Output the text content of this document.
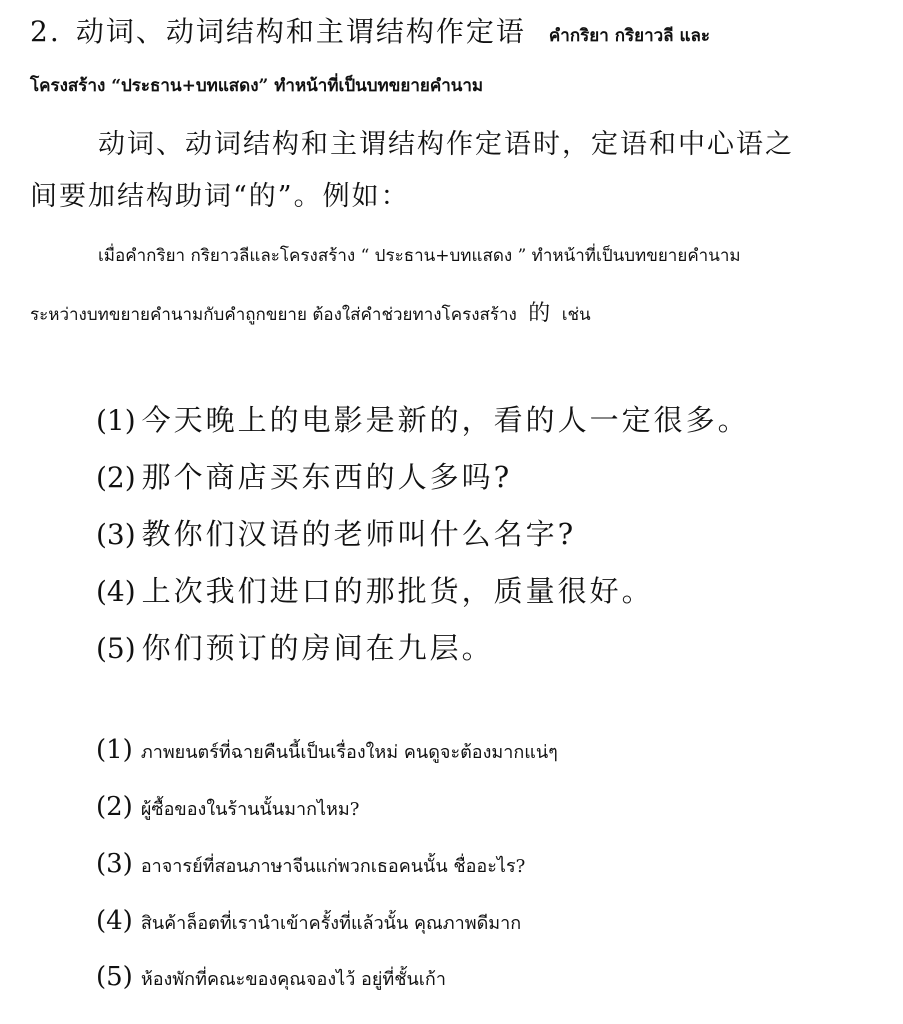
2. 动词、动词结构和主谓结构作定语 คำกริยา กริยาวลี และ
โครงสร้าง “ประธาน+บทแสดง” ทำหน้าที่เป็นบทขยายคำนาม
动词、动词结构和主谓结构作定语时，定语和中心语之
间要加结构助词“的”。例如：
เมื่อคำกริยา กริยาวลีและโครงสร้าง “ ประธาน+บทแสดง ” ทำหน้าที่เป็นบทขยายคำนาม
ระหว่างบทขยายคำนามกับคำถูกขยาย ต้องใส่คำช่วยทางโครงสร้าง 的 เช่น
(1) 今天晚上的电影是新的，看的人一定很多。
(2) 那个商店买东西的人多吗?
(3) 教你们汉语的老师叫什么名字?
(4) 上次我们进口的那批货，质量很好。
(5) 你们预订的房间在九层。
(1) ภาพยนตร์ที่ฉายคืนนี้เป็นเรื่องใหม่ คนดูจะต้องมากแน่ๆ
(2) ผู้ซื้อของในร้านนั้นมากไหม?
(3) อาจารย์ที่สอนภาษาจีนแก่พวกเธอคนนั้น ชื่ออะไร?
(4) สินค้าล็อตที่เรานำเข้าครั้งที่แล้วนั้น คุณภาพดีมาก
(5) ห้องพักที่คณะของคุณจองไว้ อยู่ที่ชั้นเก้า
